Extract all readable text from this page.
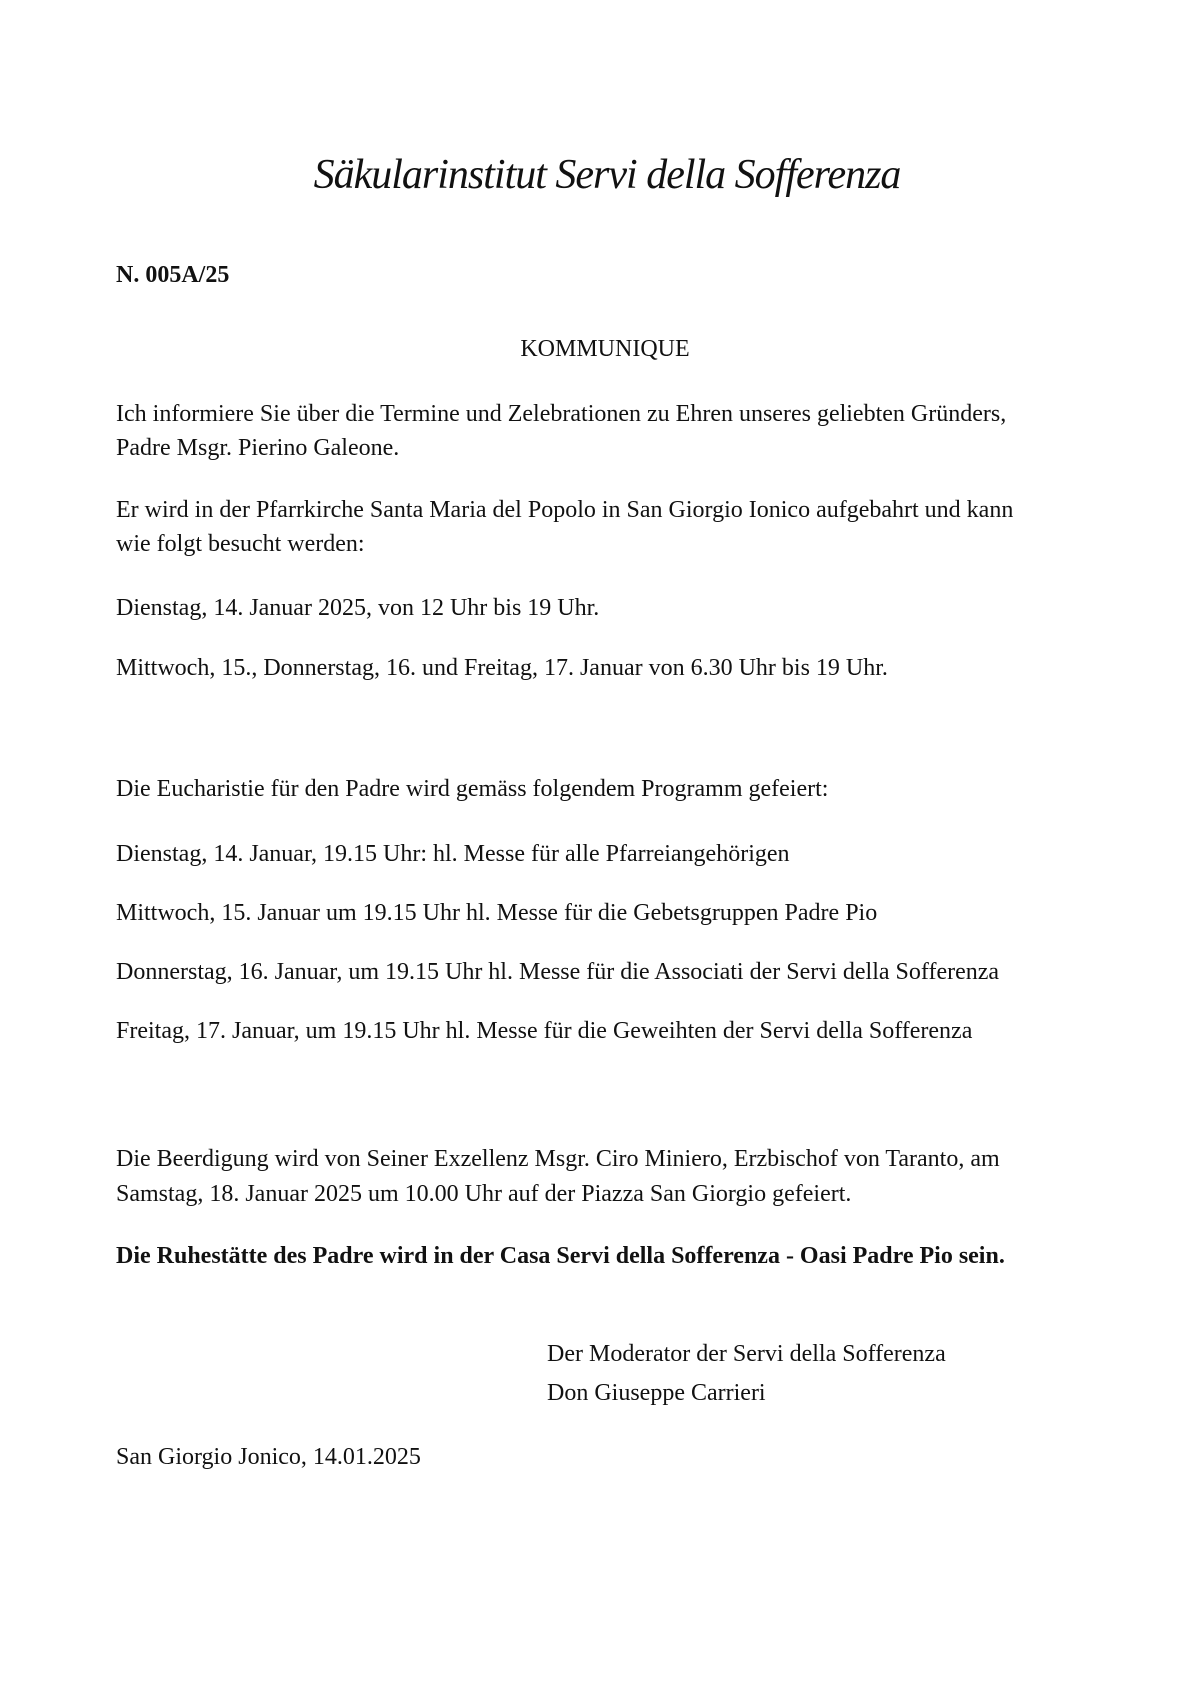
Säkularinstitut Servi della Sofferenza
N. 005A/25
KOMMUNIQUE
Ich informiere Sie über die Termine und Zelebrationen zu Ehren unseres geliebten Gründers,
Padre Msgr. Pierino Galeone.
Er wird in der Pfarrkirche Santa Maria del Popolo in San Giorgio Ionico aufgebahrt und kann
wie folgt besucht werden:
Dienstag, 14. Januar 2025, von 12 Uhr bis 19 Uhr.
Mittwoch, 15., Donnerstag, 16. und Freitag, 17. Januar von 6.30 Uhr bis 19 Uhr.
Die Eucharistie für den Padre wird gemäss folgendem Programm gefeiert:
Dienstag, 14. Januar, 19.15 Uhr: hl. Messe für alle Pfarreiangehörigen
Mittwoch, 15. Januar um 19.15 Uhr hl. Messe für die Gebetsgruppen Padre Pio
Donnerstag, 16. Januar, um 19.15 Uhr hl. Messe für die Associati der Servi della Sofferenza
Freitag, 17. Januar, um 19.15 Uhr hl. Messe für die Geweihten der Servi della Sofferenza
Die Beerdigung wird von Seiner Exzellenz Msgr. Ciro Miniero, Erzbischof von Taranto, am
Samstag, 18. Januar 2025 um 10.00 Uhr auf der Piazza San Giorgio gefeiert.
Die Ruhestätte des Padre wird in der Casa Servi della Sofferenza - Oasi Padre Pio sein.
Der Moderator der Servi della Sofferenza
Don Giuseppe Carrieri
San Giorgio Jonico, 14.01.2025
